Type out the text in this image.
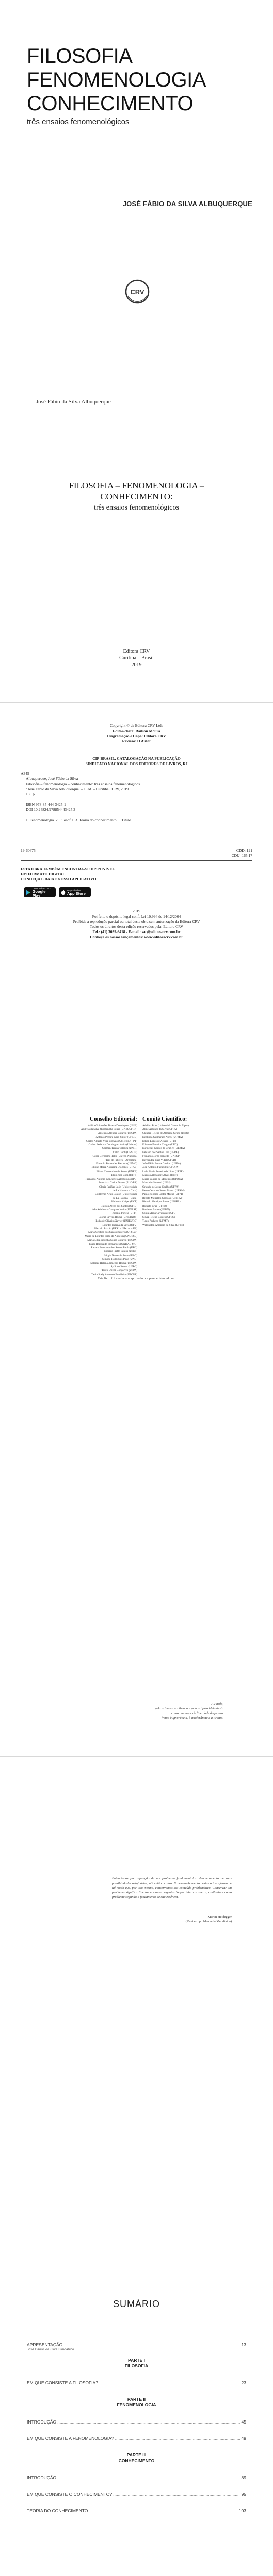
FILOSOFIA
FENOMENOLOGIA
CONHECIMENTO
três ensaios fenomenológicos
JOSÉ FÁBIO DA SILVA ALBUQUERQUE
CRV
José Fábio da Silva Albuquerque
FILOSOFIA – FENOMENOLOGIA –
CONHECIMENTO:
três ensaios fenomenológicos
Editora CRV
Curitiba – Brasil
2019
Copyright © da Editora CRV Ltda
Editor-chefe: Railson Moura
Diagramação e Capa: Editora CRV
Revisão: O Autor
CIP-BRASIL. CATALOGAÇÃO NA PUBLICAÇÃO
SINDICATO NACIONAL DOS EDITORES DE LIVROS, RJ
A345
Albuquerque, José Fábio da Silva
Filosofia – fenomenologia – conhecimento: três ensaios fenomenológicos
/ José Fábio da Silva Albuquerque. – 1. ed. – Curitiba : CRV, 2019.
156 p.
ISBN 978-85-444-3425-1
DOI 10.24824/978854443425.3
1. Fenomenologia. 2. Filosofia. 3. Teoria do conhecimento. I. Título.
19-60675	CDD: 121
CDU: 165.17
ESTA OBRA TAMBÉM ENCONTRA-SE DISPONÍVEL
EM FORMATO DIGITAL.
CONHEÇA E BAIXE NOSSO APLICATIVO!
DISPONÍVEL NO
Google Play
Disponível na
App Store
2019
Foi feito o depósito legal conf. Lei 10.994 de 14/12/2004
Proibida a reprodução parcial ou total desta obra sem autorização da Editora CRV
Todos os direitos desta edição reservados pela: Editora CRV
Tel.: (41) 3039-6418 - E-mail: sac@editoracrv.com.br
Conheça os nossos lançamentos: www.editoracrv.com.br
Conselho Editorial:
Aldira Guimarães Duarte Domínguez (UNB)
Andréia da Silva Quintanilha Sousa (UNIR/UFRN)
Anselmo Alencar Colares (UFOPA)
Antônio Pereira Gaio Júnior (UFRRJ)
Carlos Alberto Vilar Estêvão (UMINHO – PT)
Carlos Federico Dominguez Avila (Unieuro)
Carmen Tereza Velanga (UNIR)
Celso Conti (UFSCar)
Cesar Gerónimo Tello (Univer .Nacional
Três de Febrero – Argentina)
Eduardo Fernandes Barbosa (UFMG)
Elione Maria Nogueira Diogenes (UFAL)
Elizeu Clementino de Souza (UNEB)
Élsio José Corá (UFFS)
Fernando Antônio Gonçalves Alcoforado (IPB)
Francisco Carlos Duarte (PUC-PR)
Gloria Fariñas León (Universidade
de La Havana – Cuba)
Guillermo Arias Beatón (Universidade
de La Havana – Cuba)
Helmuth Krüger (UCP)
Jailson Alves dos Santos (UFRJ)
João Adalberto Campato Junior (UNESP)
Josania Portela (UFPI)
Leonel Severo Rocha (UNISINOS)
Lídia de Oliveira Xavier (UNIEURO)
Lourdes Helena da Silva (UFV)
Marcelo Paixão (UFRJ e UTexas – US)
Maria Cristina dos Santos Bezerra (UFSCar)
Maria de Lourdes Pinto de Almeida (UNOESC)
Maria Lília Imbiriba Sousa Colares (UFOPA)
Paulo Romualdo Hernandes (UNIFAL-MG)
Renato Francisco dos Santos Paula (UFG)
Rodrigo Pratte-Santos (UFES)
Sérgio Nunes de Jesus (IFRO)
Simone Rodrigues Pinto (UNB)
Solange Helena Ximenes-Rocha (UFOPA)
Sydione Santos (UEPG)
Tadeu Oliver Gonçalves (UFPA)
Tania Suely Azevedo Brasileiro (UFOPA)
Comitê Científico:
Adelino Braz (Université Grenoble Alpes)
Aline Antunes da Silva (UFPA)
Cláudia Helena de Almeida Cirino (UFRJ)
Deolinda Guimarães Abreu (UFMA)
Edson Lopes de Araujo (UFU)
Eduardo Ferreira Chagas (UFC)
Eurípedes Gomes da Cruz Jr. (UEMA)
Fabiano dos Santos Laia (UFPA)
Fernando Jorge Zanardo (UNESP)
Hernandez Ruiz Vidal (UFSB)
João Fábio Souza Galdino (UEPA)
José Antônio Fagundes (UFOPA)
Leila Maria Ferreira de Lima (UFPE)
Marcos Alexandre Alves (UFN)
Maria Valéria de Medeiros (UFOPA)
Maurício Sonsoni (UFSJ)
Orlando de Jesus Coelho (UFPA)
Paulo César de Souza Manso (UFAM)
Paulo Roberto Castor Maciel (UFPI)
Renato Meirelles Cardoso (UNIFAP)
Ricardo Henrique Rosas (UFOPA)
Roberto Cruz (UFRB)
Rosilene Barros (UFRN)
Sônia Maria Cavalcante (UFC)
Silvia Helena Borges (UFES)
Tiago Pacheco (UFMT)
Wellington Amancio da Silva (UFPE)
Este livro foi avaliado e aprovado por pareceristas ad hoc.
A Pirolo,
pela primeira acolhenca e pela próprio ideia desta
como um lugar de liberdade do pensar
frente à ignorância, à intolerância e à tirania.
Entendemos por repetição de um problema fundamental o descerramento de suas possibilidades originárias, até então ocultas. O desenvolvimento destas o transforma de tal modo que, por isso mesmo, conservamos seu conteúdo problemático. Conservar um problema significa libertar e manter vigentes forças internas que o possibilitam como problema segundo o fundamento de sua essência.
Martin Heidegger
(Kant e o problema da Metafísica)
SUMÁRIO
APRESENTAÇÃO .....	13
José Carlos da Silva Simoabico
PARTE I
FILOSOFIA
EM QUE CONSISTE A FILOSOFIA? .....	23
PARTE II
FENOMENOLOGIA
INTRODUÇÃO .....	45
EM QUE CONSISTE A FENOMENOLOGIA? .....	49
PARTE III
CONHECIMENTO
INTRODUÇÃO .....	89
EM QUE CONSISTE O CONHECIMENTO? .....	95
TEORIA DO CONHECIMENTO .....	103
